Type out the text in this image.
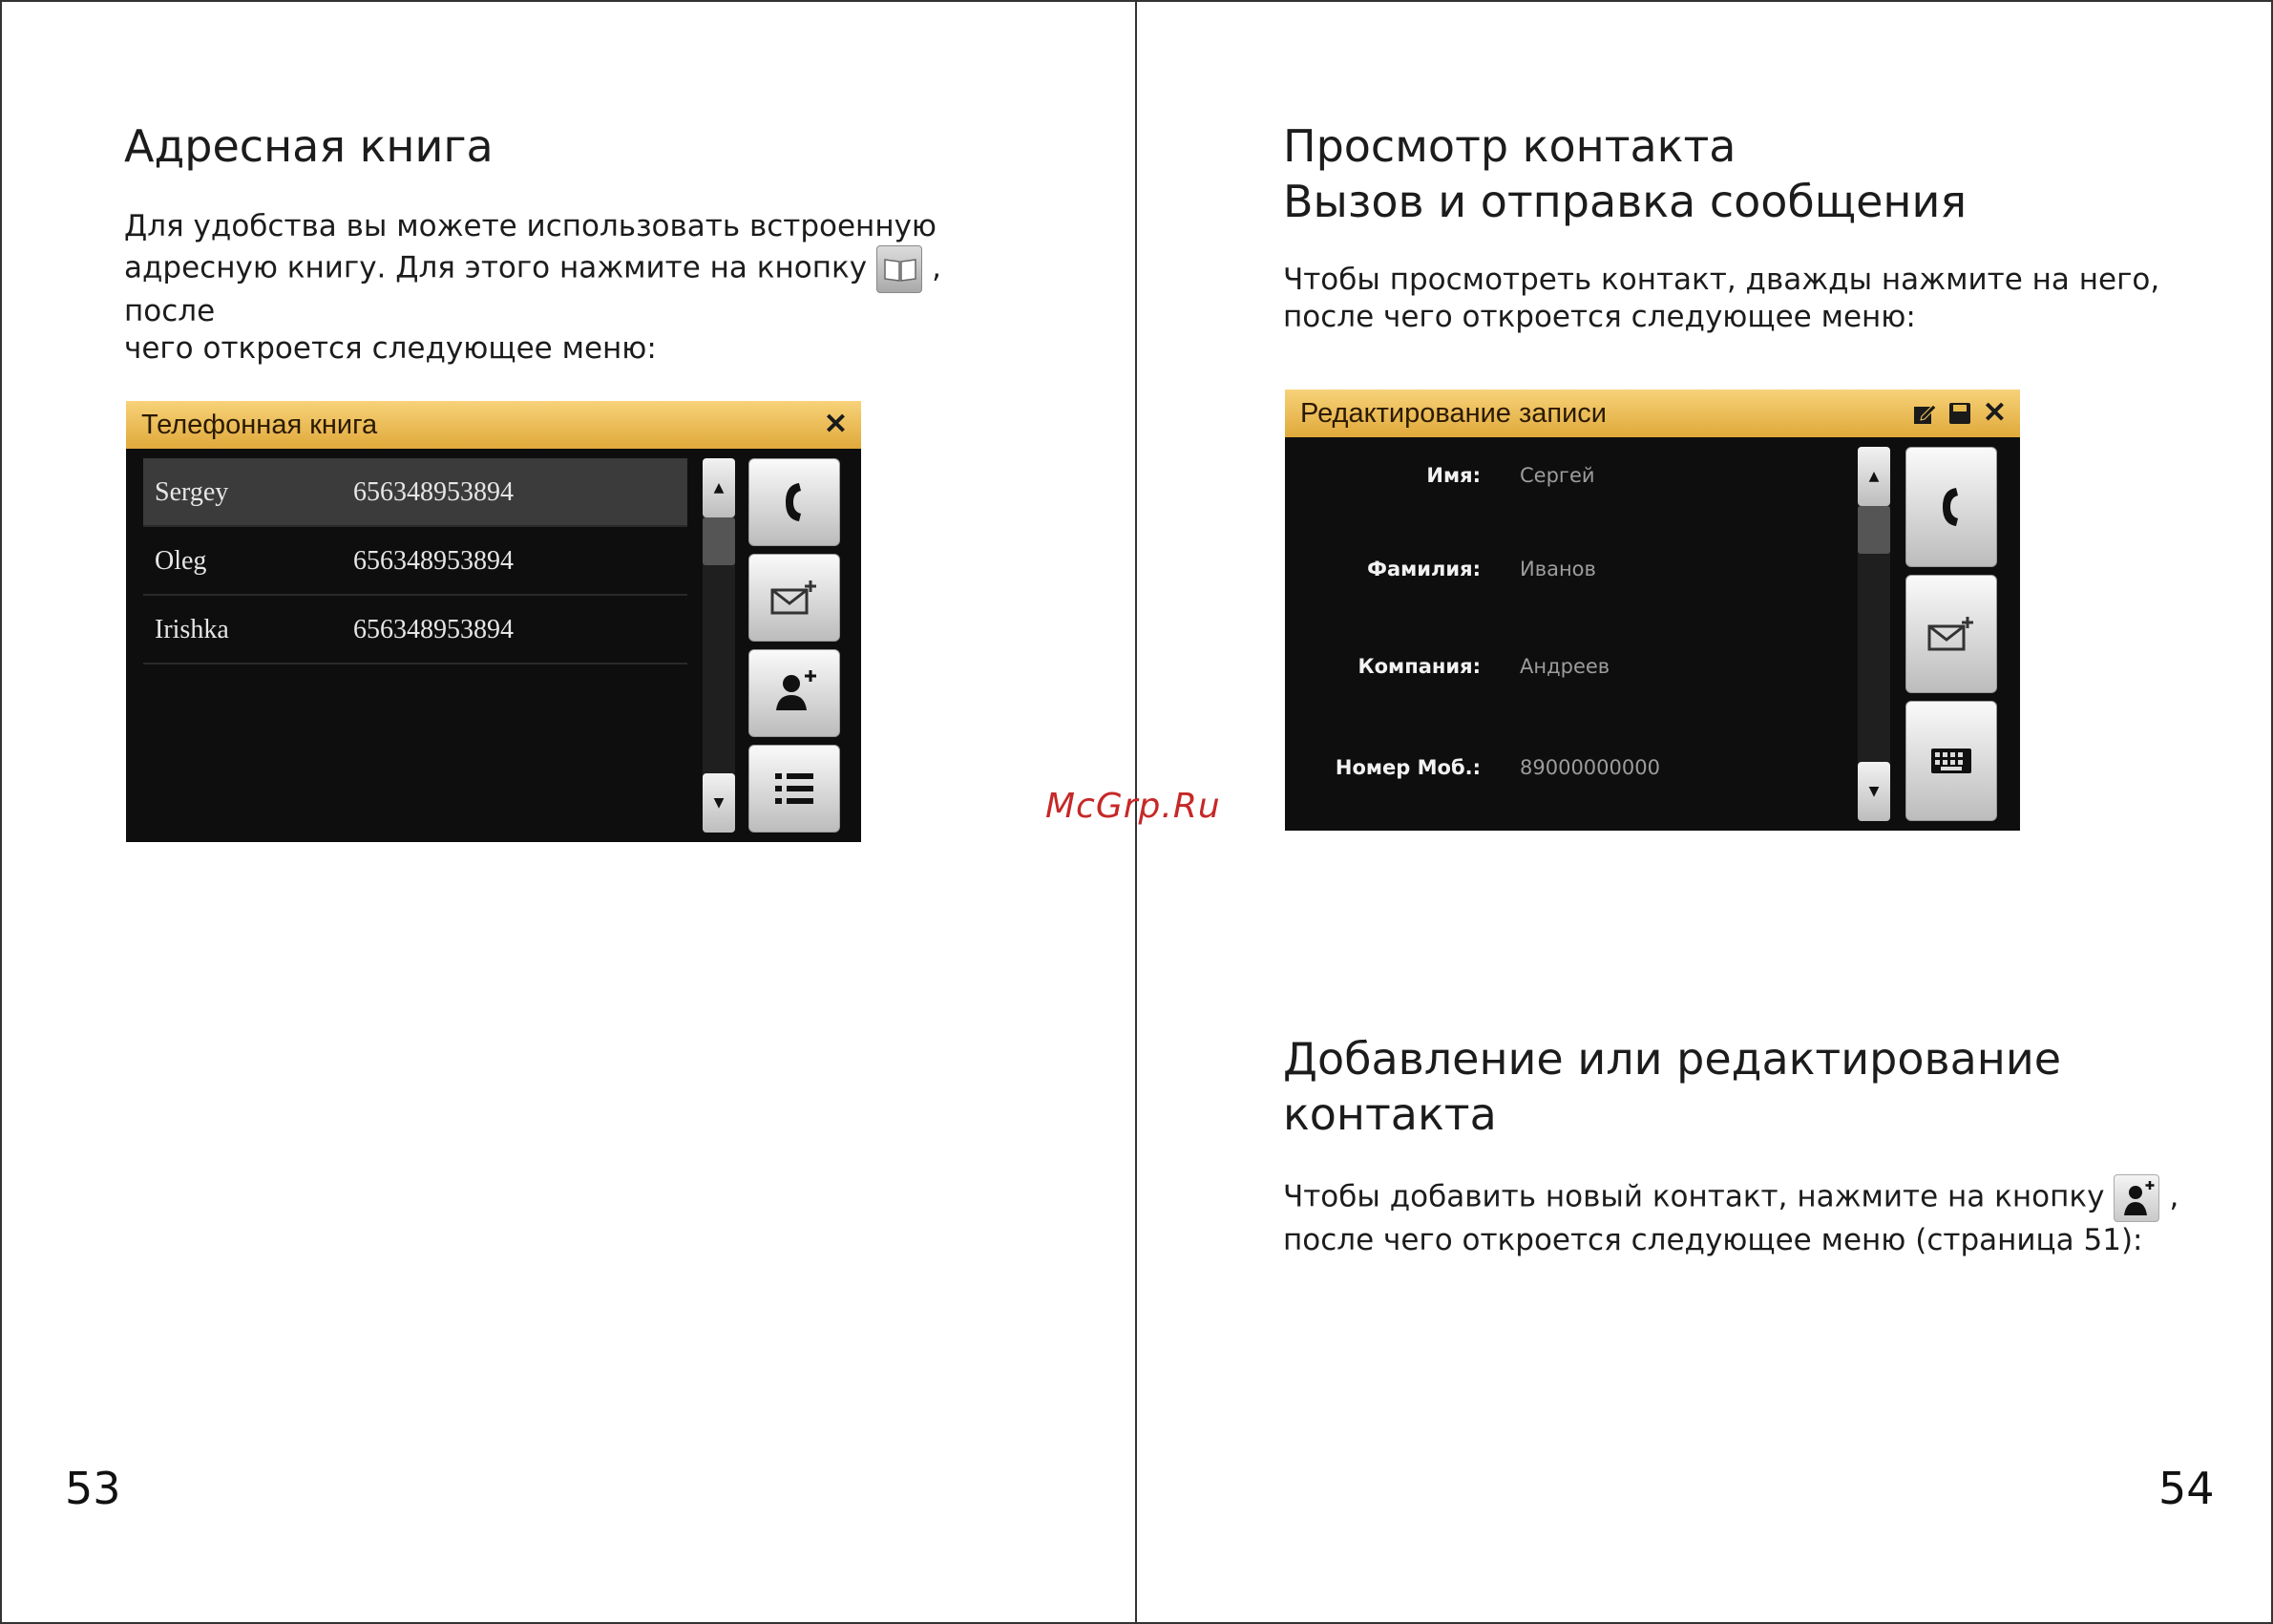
Адресная книга
Для удобства вы можете использовать встроенную
адресную книгу. Для этого нажмите на кнопку , после
чего откроется следующее меню:
Телефонная книга	✕
Sergey	656348953894
Oleg	656348953894
Irishka	656348953894
▲
▼
53
Просмотр контакта
Вызов и отправка сообщения
Чтобы просмотреть контакт, дважды нажмите на него,
после чего откроется следующее меню:
Редактирование записи	✕
Имя: Сергей
Фамилия: Иванов
Компания: Андреев
Номер Моб.: 89000000000
▲
▼
Добавление или редактирование
контакта
Чтобы добавить новый контакт, нажмите на кнопку ,
после чего откроется следующее меню (страница 51):
54
McGrp.Ru
